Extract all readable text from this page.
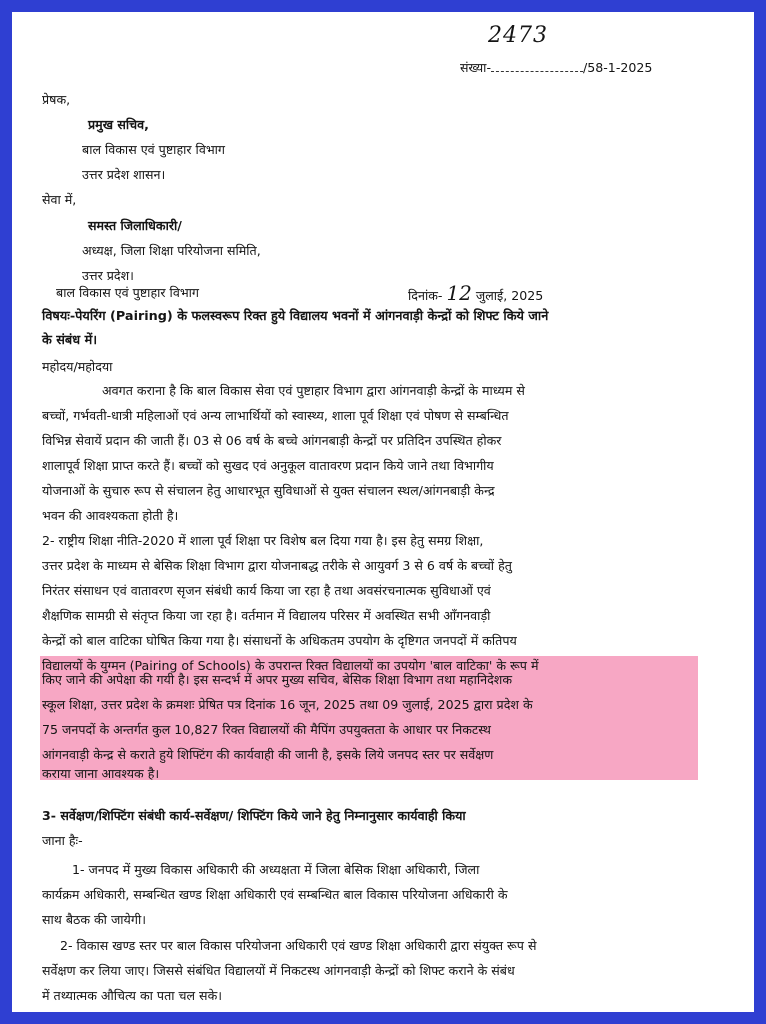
2473
संख्या-	/58-1-2025
प्रेषक,
प्रमुख सचिव,
बाल विकास एवं पुष्टाहार विभाग
उत्तर प्रदेश शासन।
सेवा में,
समस्त जिलाधिकारी/
अध्यक्ष, जिला शिक्षा परियोजना समिति,
उत्तर प्रदेश।
बाल विकास एवं पुष्टाहार विभाग	दिनांक- 12 जुलाई, 2025
विषयः-पेयरिंग (Pairing) के फलस्वरूप रिक्त हुये विद्यालय भवनों में आंगनवाड़ी केन्द्रों को शिफ्ट किये जाने
के संबंध में।
महोदय/महोदया
अवगत कराना है कि बाल विकास सेवा एवं पुष्टाहार विभाग द्वारा आंगनवाड़ी केन्द्रों के माध्यम से
बच्चों, गर्भवती-धात्री महिलाओं एवं अन्य लाभार्थियों को स्वास्थ्य, शाला पूर्व शिक्षा एवं पोषण से सम्बन्धित
विभिन्न सेवायें प्रदान की जाती हैं। 03 से 06 वर्ष के बच्चे आंगनबाड़ी केन्द्रों पर प्रतिदिन उपस्थित होकर
शालापूर्व शिक्षा प्राप्त करते हैं। बच्चों को सुखद एवं अनुकूल वातावरण प्रदान किये जाने तथा विभागीय
योजनाओं के सुचारु रूप से संचालन हेतु आधारभूत सुविधाओं से युक्त संचालन स्थल/आंगनबाड़ी केन्द्र
भवन की आवश्यकता होती है।
2- राष्ट्रीय शिक्षा नीति-2020 में शाला पूर्व शिक्षा पर विशेष बल दिया गया है। इस हेतु समग्र शिक्षा,
उत्तर प्रदेश के माध्यम से बेसिक शिक्षा विभाग द्वारा योजनाबद्ध तरीके से आयुवर्ग 3 से 6 वर्ष के बच्चों हेतु
निरंतर संसाधन एवं वातावरण सृजन संबंधी कार्य किया जा रहा है तथा अवसंरचनात्मक सुविधाओं एवं
शैक्षणिक सामग्री से संतृप्त किया जा रहा है। वर्तमान में विद्यालय परिसर में अवस्थित सभी आँगनवाड़ी
केन्द्रों को बाल वाटिका घोषित किया गया है। संसाधनों के अधिकतम उपयोग के दृष्टिगत जनपदों में कतिपय
विद्यालयों के युग्मन (Pairing of Schools) के उपरान्त रिक्त विद्यालयों का उपयोग 'बाल वाटिका' के रूप में
किए जाने की अपेक्षा की गयी है। इस सन्दर्भ में अपर मुख्य सचिव, बेसिक शिक्षा विभाग तथा महानिदेशक
स्कूल शिक्षा, उत्तर प्रदेश के क्रमशः प्रेषित पत्र दिनांक 16 जून, 2025 तथा 09 जुलाई, 2025 द्वारा प्रदेश के
75 जनपदों के अन्तर्गत कुल 10,827 रिक्त विद्यालयों की मैपिंग उपयुक्तता के आधार पर निकटस्थ
आंगनवाड़ी केन्द्र से कराते हुये शिफ्टिंग की कार्यवाही की जानी है, इसके लिये जनपद स्तर पर सर्वेक्षण
कराया जाना आवश्यक है।
3- सर्वेक्षण/शिफ्टिंग संबंधी कार्य-सर्वेक्षण/ शिफ्टिंग किये जाने हेतु निम्नानुसार कार्यवाही किया
जाना हैः-
1- जनपद में मुख्य विकास अधिकारी की अध्यक्षता में जिला बेसिक शिक्षा अधिकारी, जिला
कार्यक्रम अधिकारी, सम्बन्धित खण्ड शिक्षा अधिकारी एवं सम्बन्धित बाल विकास परियोजना अधिकारी के
साथ बैठक की जायेगी।
2- विकास खण्ड स्तर पर बाल विकास परियोजना अधिकारी एवं खण्ड शिक्षा अधिकारी द्वारा संयुक्त रूप से
सर्वेक्षण कर लिया जाए। जिससे संबंधित विद्यालयों में निकटस्थ आंगनवाड़ी केन्द्रों को शिफ्ट कराने के संबंध
में तथ्यात्मक औचित्य का पता चल सके।
